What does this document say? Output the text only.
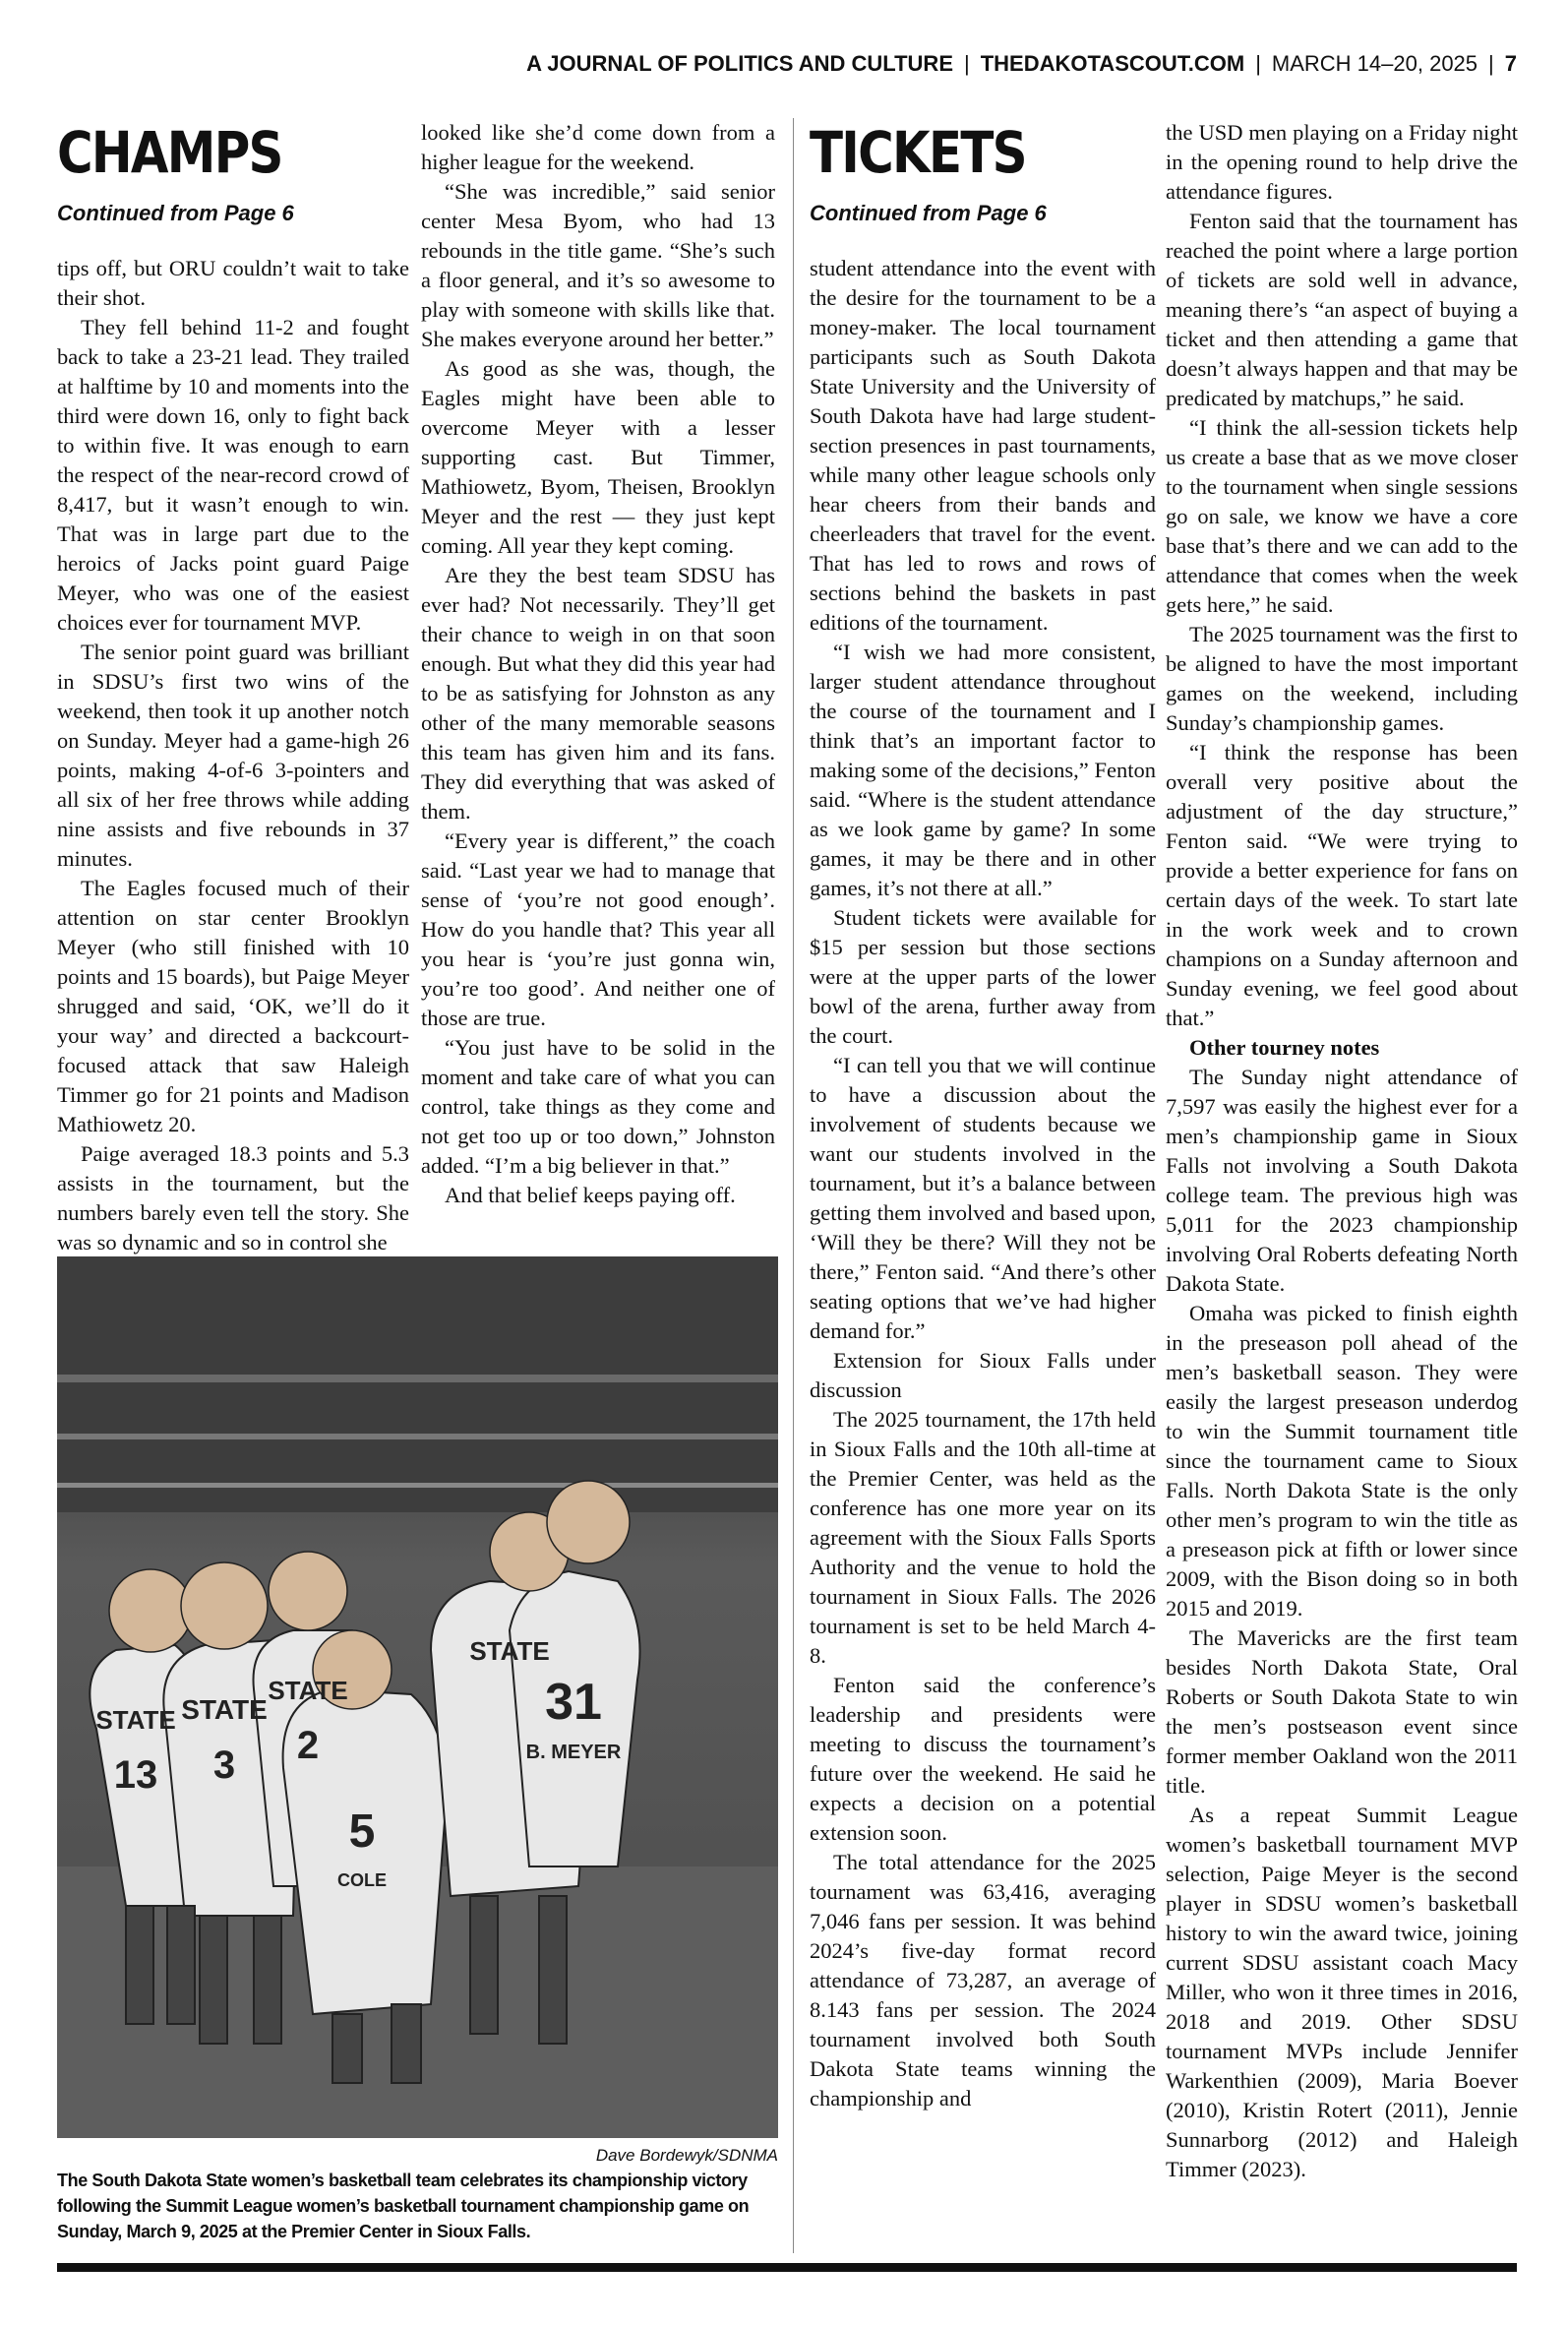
A JOURNAL OF POLITICS AND CULTURE | THEDAKOTASCOUT.COM | MARCH 14–20, 2025 | 7
CHAMPS
Continued from Page 6

tips off, but ORU couldn’t wait to take their shot.

They fell behind 11-2 and fought back to take a 23-21 lead. They trailed at halftime by 10 and moments into the third were down 16, only to fight back to within five. It was enough to earn the respect of the near-record crowd of 8,417, but it wasn’t enough to win. That was in large part due to the heroics of Jacks point guard Paige Meyer, who was one of the easiest choices ever for tournament MVP.

The senior point guard was brilliant in SDSU’s first two wins of the weekend, then took it up another notch on Sunday. Meyer had a game-high 26 points, making 4-of-6 3-pointers and all six of her free throws while adding nine assists and five rebounds in 37 minutes.

The Eagles focused much of their attention on star center Brooklyn Meyer (who still finished with 10 points and 15 boards), but Paige Meyer shrugged and said, ‘OK, we’ll do it your way’ and directed a backcourt-focused attack that saw Haleigh Timmer go for 21 points and Madison Mathiowetz 20.

Paige averaged 18.3 points and 5.3 assists in the tournament, but the numbers barely even tell the story. She was so dynamic and so in control she

looked like she’d come down from a higher league for the weekend.

“She was incredible,” said senior center Mesa Byom, who had 13 rebounds in the title game. “She’s such a floor general, and it’s so awesome to play with someone with skills like that. She makes everyone around her better.”

As good as she was, though, the Eagles might have been able to overcome Meyer with a lesser supporting cast. But Timmer, Mathiowetz, Byom, Theisen, Brooklyn Meyer and the rest — they just kept coming. All year they kept coming.

Are they the best team SDSU has ever had? Not necessarily. They’ll get their chance to weigh in on that soon enough. But what they did this year had to be as satisfying for Johnston as any other of the many memorable seasons this team has given him and its fans. They did everything that was asked of them.

“Every year is different,” the coach said. “Last year we had to manage that sense of ‘you’re not good enough’. How do you handle that? This year all you hear is ‘you’re just gonna win, you’re too good’. And neither one of those are true.

“You just have to be solid in the moment and take care of what you can control, take things as they come and not get too up or too down,” Johnston added. “I’m a big believer in that.”

And that belief keeps paying off.

STATE
13
STATE
3
STATE
2
5
COLE
STATE
31
B. MEYER
Dave Bordewyk/SDNMA
The South Dakota State women’s basketball team celebrates its championship victory following the Summit League women’s basketball tournament championship game on Sunday, March 9, 2025 at the Premier Center in Sioux Falls.
TICKETS
Continued from Page 6

student attendance into the event with the desire for the tournament to be a money-maker. The local tournament participants such as South Dakota State University and the University of South Dakota have had large student-section presences in past tournaments, while many other league schools only hear cheers from their bands and cheerleaders that travel for the event. That has led to rows and rows of sections behind the baskets in past editions of the tournament.

“I wish we had more consistent, larger student attendance throughout the course of the tournament and I think that’s an important factor to making some of the decisions,” Fenton said. “Where is the student attendance as we look game by game? In some games, it may be there and in other games, it’s not there at all.”

Student tickets were available for $15 per session but those sections were at the upper parts of the lower bowl of the arena, further away from the court.

“I can tell you that we will continue to have a discussion about the involvement of students because we want our students involved in the tournament, but it’s a balance between getting them involved and based upon, ‘Will they be there? Will they not be there,” Fenton said. “And there’s other seating options that we’ve had higher demand for.”

Extension for Sioux Falls under discussion

The 2025 tournament, the 17th held in Sioux Falls and the 10th all-time at the Premier Center, was held as the conference has one more year on its agreement with the Sioux Falls Sports Authority and the venue to hold the tournament in Sioux Falls. The 2026 tournament is set to be held March 4-8.

Fenton said the conference’s leadership and presidents were meeting to discuss the tournament’s future over the weekend. He said he expects a decision on a potential extension soon.

The total attendance for the 2025 tournament was 63,416, averaging 7,046 fans per session. It was behind 2024’s five-day format record attendance of 73,287, an average of 8.143 fans per session. The 2024 tournament involved both South Dakota State teams winning the championship and

the USD men playing on a Friday night in the opening round to help drive the attendance figures.

Fenton said that the tournament has reached the point where a large portion of tickets are sold well in advance, meaning there’s “an aspect of buying a ticket and then attending a game that doesn’t always happen and that may be predicated by matchups,” he said.

“I think the all-session tickets help us create a base that as we move closer to the tournament when single sessions go on sale, we know we have a core base that’s there and we can add to the attendance that comes when the week gets here,” he said.

The 2025 tournament was the first to be aligned to have the most important games on the weekend, including Sunday’s championship games.

“I think the response has been overall very positive about the adjustment of the day structure,” Fenton said. “We were trying to provide a better experience for fans on certain days of the week. To start late in the work week and to crown champions on a Sunday afternoon and Sunday evening, we feel good about that.”

Other tourney notes

The Sunday night attendance of 7,597 was easily the highest ever for a men’s championship game in Sioux Falls not involving a South Dakota college team. The previous high was 5,011 for the 2023 championship involving Oral Roberts defeating North Dakota State.

Omaha was picked to finish eighth in the preseason poll ahead of the men’s basketball season. They were easily the largest preseason underdog to win the Summit tournament title since the tournament came to Sioux Falls. North Dakota State is the only other men’s program to win the title as a preseason pick at fifth or lower since 2009, with the Bison doing so in both 2015 and 2019.

The Mavericks are the first team besides North Dakota State, Oral Roberts or South Dakota State to win the men’s postseason event since former member Oakland won the 2011 title.

As a repeat Summit League women’s basketball tournament MVP selection, Paige Meyer is the second player in SDSU women’s basketball history to win the award twice, joining current SDSU assistant coach Macy Miller, who won it three times in 2016, 2018 and 2019. Other SDSU tournament MVPs include Jennifer Warkenthien (2009), Maria Boever (2010), Kristin Rotert (2011), Jennie Sunnarborg (2012) and Haleigh Timmer (2023).
